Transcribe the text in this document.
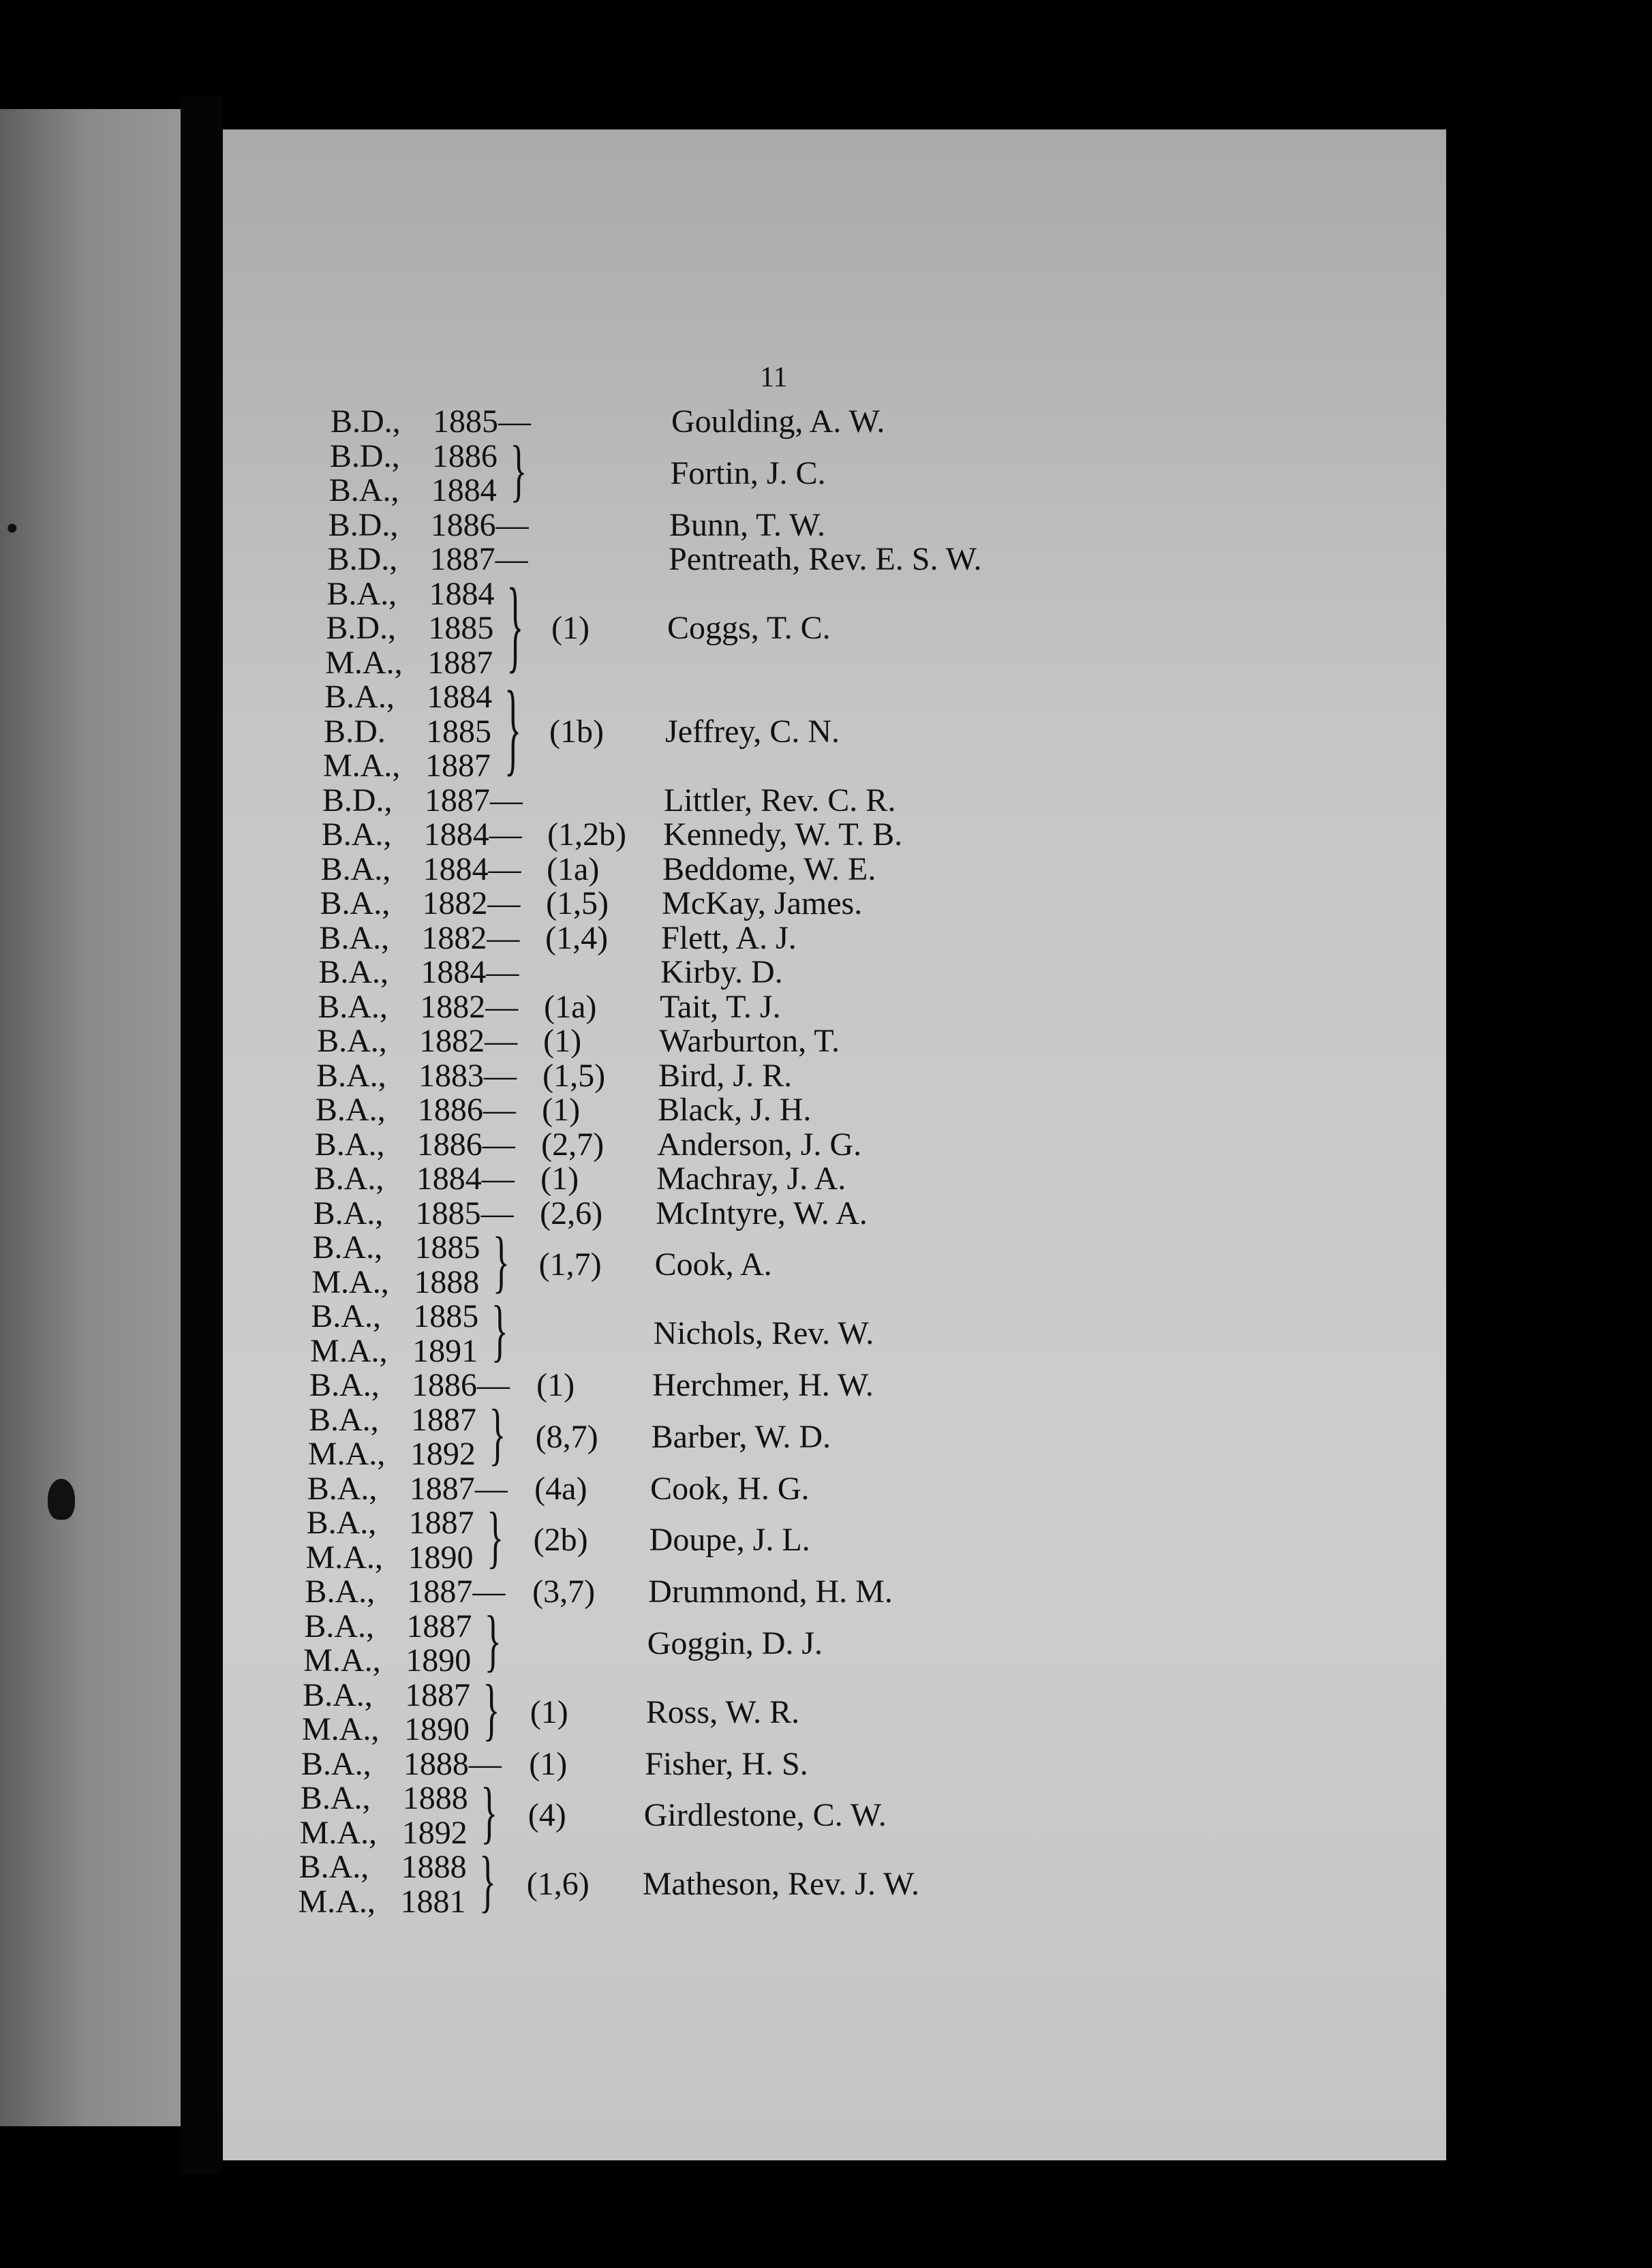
.
11
B.D., 1885—	Goulding, A. W.
B.D., 1886
B.A., 1884 }	Fortin, J. C.
B.D., 1886—	Bunn, T. W.
B.D., 1887—	Pentreath, Rev. E. S. W.
B.A., 1884
B.D., 1885
M.A., 1887 } (1) Coggs, T. C.
B.A., 1884
B.D. 1885
M.A., 1887 } (1b) Jeffrey, C. N.
B.D., 1887—	Littler, Rev. C. R.
B.A., 1884— (1,2b) Kennedy, W. T. B.
B.A., 1884— (1a) Beddome, W. E.
B.A., 1882— (1,5) McKay, James.
B.A., 1882— (1,4) Flett, A. J.
B.A., 1884—	Kirby. D.
B.A., 1882— (1a) Tait, T. J.
B.A., 1882— (1) Warburton, T.
B.A., 1883— (1,5) Bird, J. R.
B.A., 1886— (1) Black, J. H.
B.A., 1886— (2,7) Anderson, J. G.
B.A., 1884— (1) Machray, J. A.
B.A., 1885— (2,6) McIntyre, W. A.
B.A., 1885
M.A., 1888 } (1,7) Cook, A.
B.A., 1885
M.A., 1891 }	Nichols, Rev. W.
B.A., 1886— (1) Herchmer, H. W.
B.A., 1887
M.A., 1892 } (8,7) Barber, W. D.
B.A., 1887— (4a) Cook, H. G.
B.A., 1887
M.A., 1890 } (2b) Doupe, J. L.
B.A., 1887— (3,7) Drummond, H. M.
B.A., 1887
M.A., 1890 }	Goggin, D. J.
B.A., 1887
M.A., 1890 } (1) Ross, W. R.
B.A., 1888— (1) Fisher, H. S.
B.A., 1888
M.A., 1892 } (4) Girdlestone, C. W.
B.A., 1888
M.A., 1881 } (1,6) Matheson, Rev. J. W.
